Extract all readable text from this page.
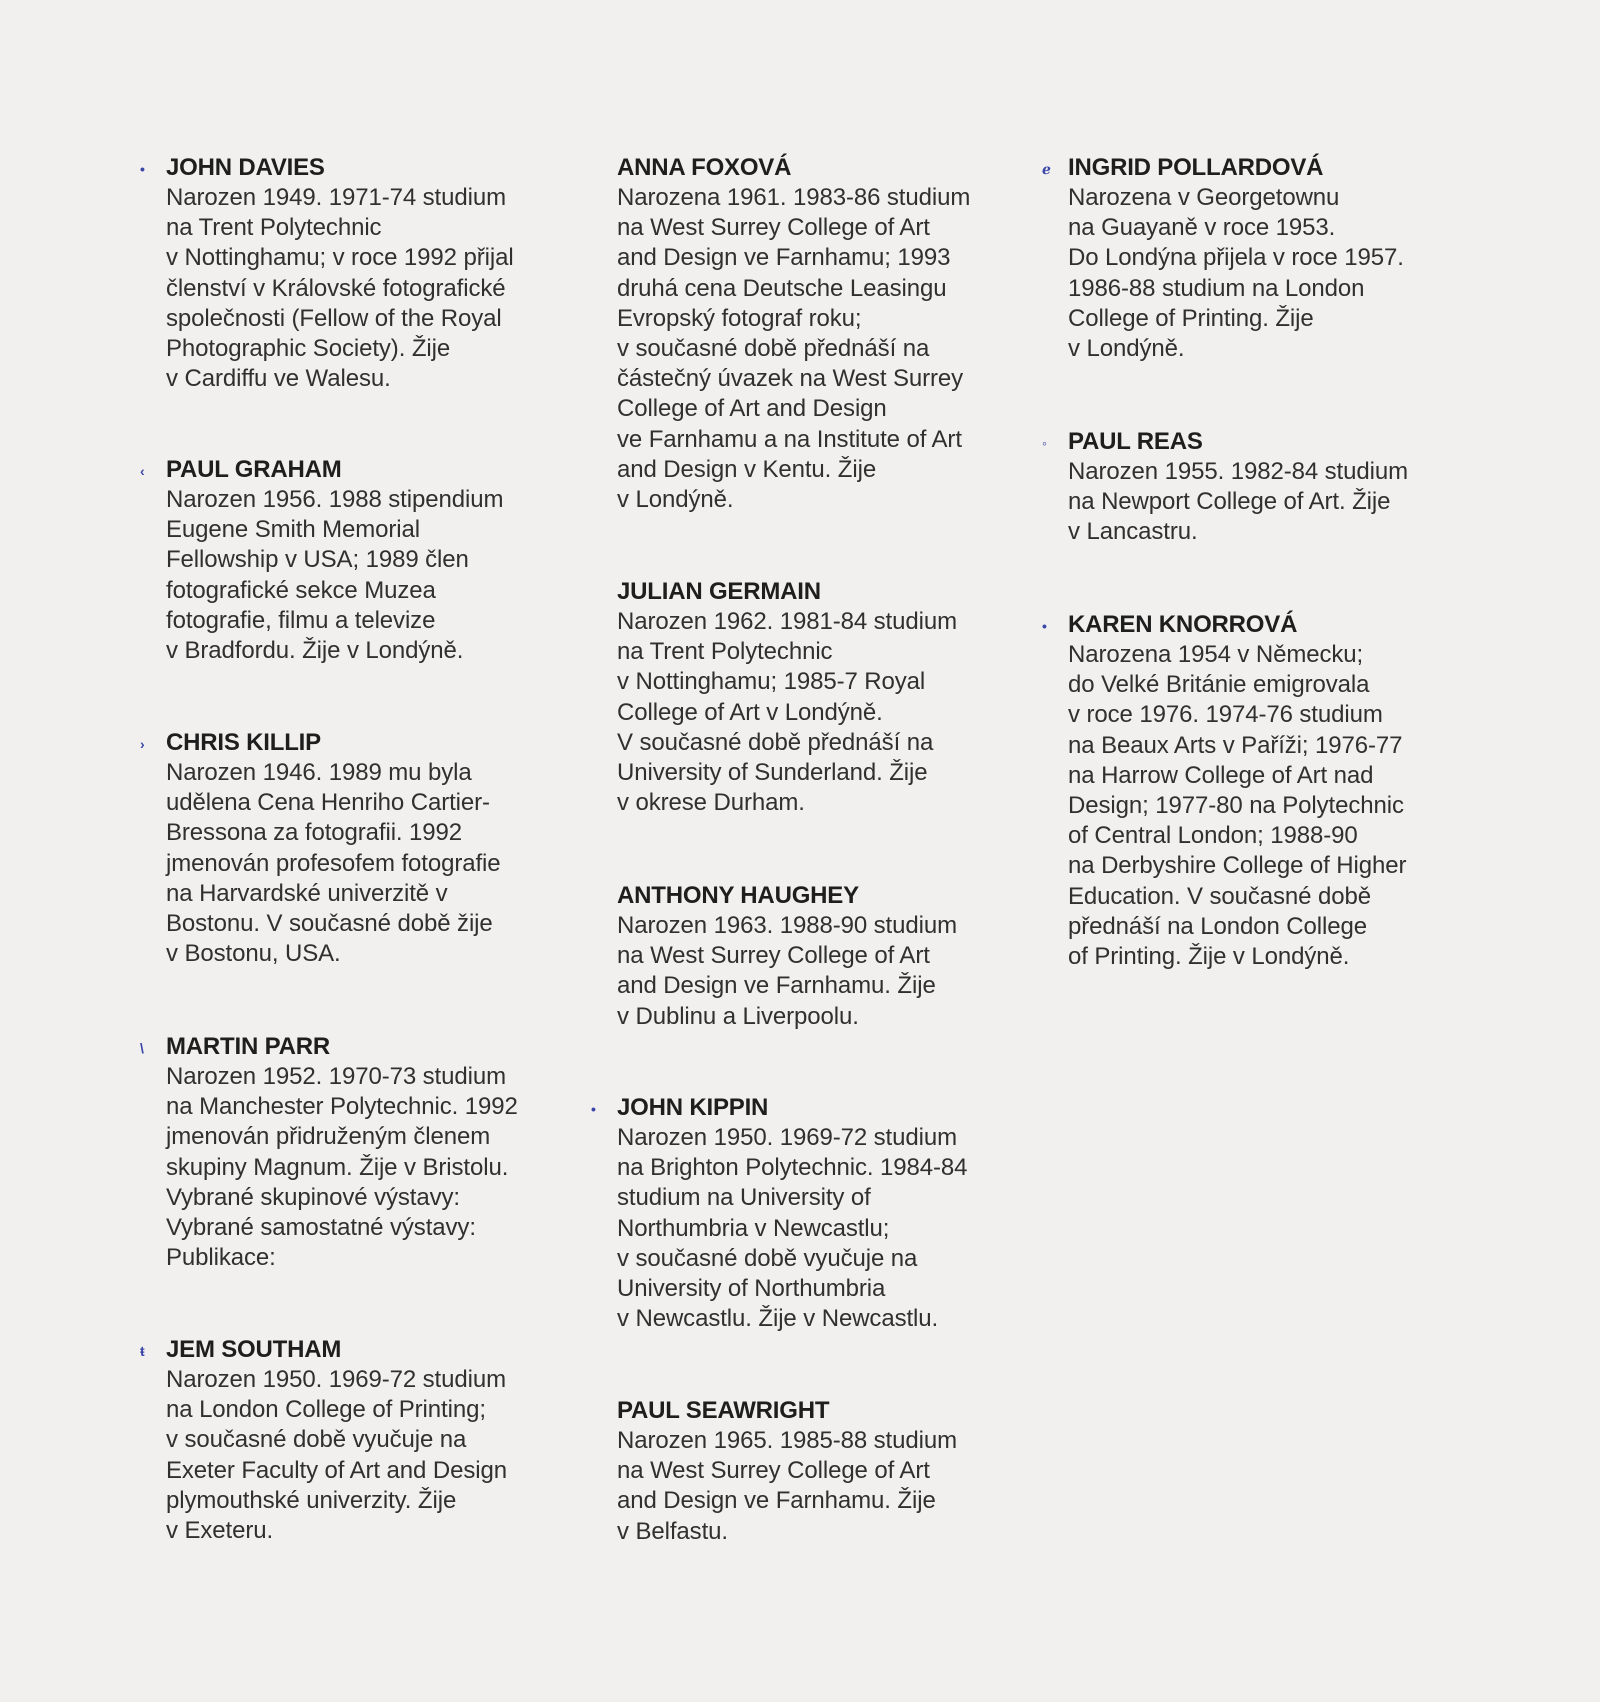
• JOHN DAVIES
Narozen 1949. 1971-74 studium
na Trent Polytechnic
v Nottinghamu; v roce 1992 přijal
členství v Královské fotografické
společnosti (Fellow of the Royal
Photographic Society). Žije
v Cardiffu ve Walesu.
‹ PAUL GRAHAM
Narozen 1956. 1988 stipendium
Eugene Smith Memorial
Fellowship v USA; 1989 člen
fotografické sekce Muzea
fotografie, filmu a televize
v Bradfordu. Žije v Londýně.
› CHRIS KILLIP
Narozen 1946. 1989 mu byla
udělena Cena Henriho Cartier-
Bressona za fotografii. 1992
jmenován profesofem fotografie
na Harvardské univerzitě v
Bostonu. V současné době žije
v Bostonu, USA.
\ MARTIN PARR
Narozen 1952. 1970-73 studium
na Manchester Polytechnic. 1992
jmenován přidruženým členem
skupiny Magnum. Žije v Bristolu.
Vybrané skupinové výstavy:
Vybrané samostatné výstavy:
Publikace:
ŧ JEM SOUTHAM
Narozen 1950. 1969-72 studium
na London College of Printing;
v současné době vyučuje na
Exeter Faculty of Art and Design
plymouthské univerzity. Žije
v Exeteru.
ANNA FOXOVÁ
Narozena 1961. 1983-86 studium
na West Surrey College of Art
and Design ve Farnhamu; 1993
druhá cena Deutsche Leasingu
Evropský fotograf roku;
v současné době přednáší na
částečný úvazek na West Surrey
College of Art and Design
ve Farnhamu a na Institute of Art
and Design v Kentu. Žije
v Londýně.
JULIAN GERMAIN
Narozen 1962. 1981-84 studium
na Trent Polytechnic
v Nottinghamu; 1985-7 Royal
College of Art v Londýně.
V současné době přednáší na
University of Sunderland. Žije
v okrese Durham.
ANTHONY HAUGHEY
Narozen 1963. 1988-90 studium
na West Surrey College of Art
and Design ve Farnhamu. Žije
v Dublinu a Liverpoolu.
• JOHN KIPPIN
Narozen 1950. 1969-72 studium
na Brighton Polytechnic. 1984-84
studium na University of
Northumbria v Newcastlu;
v současné době vyučuje na
University of Northumbria
v Newcastlu. Žije v Newcastlu.
PAUL SEAWRIGHT
Narozen 1965. 1985-88 studium
na West Surrey College of Art
and Design ve Farnhamu. Žije
v Belfastu.
ℯ INGRID POLLARDOVÁ
Narozena v Georgetownu
na Guayaně v roce 1953.
Do Londýna přijela v roce 1957.
1986-88 studium na London
College of Printing. Žije
v Londýně.
◦ PAUL REAS
Narozen 1955. 1982-84 studium
na Newport College of Art. Žije
v Lancastru.
• KAREN KNORROVÁ
Narozena 1954 v Německu;
do Velké Británie emigrovala
v roce 1976. 1974-76 studium
na Beaux Arts v Paříži; 1976-77
na Harrow College of Art nad
Design; 1977-80 na Polytechnic
of Central London; 1988-90
na Derbyshire College of Higher
Education. V současné době
přednáší na London College
of Printing. Žije v Londýně.
